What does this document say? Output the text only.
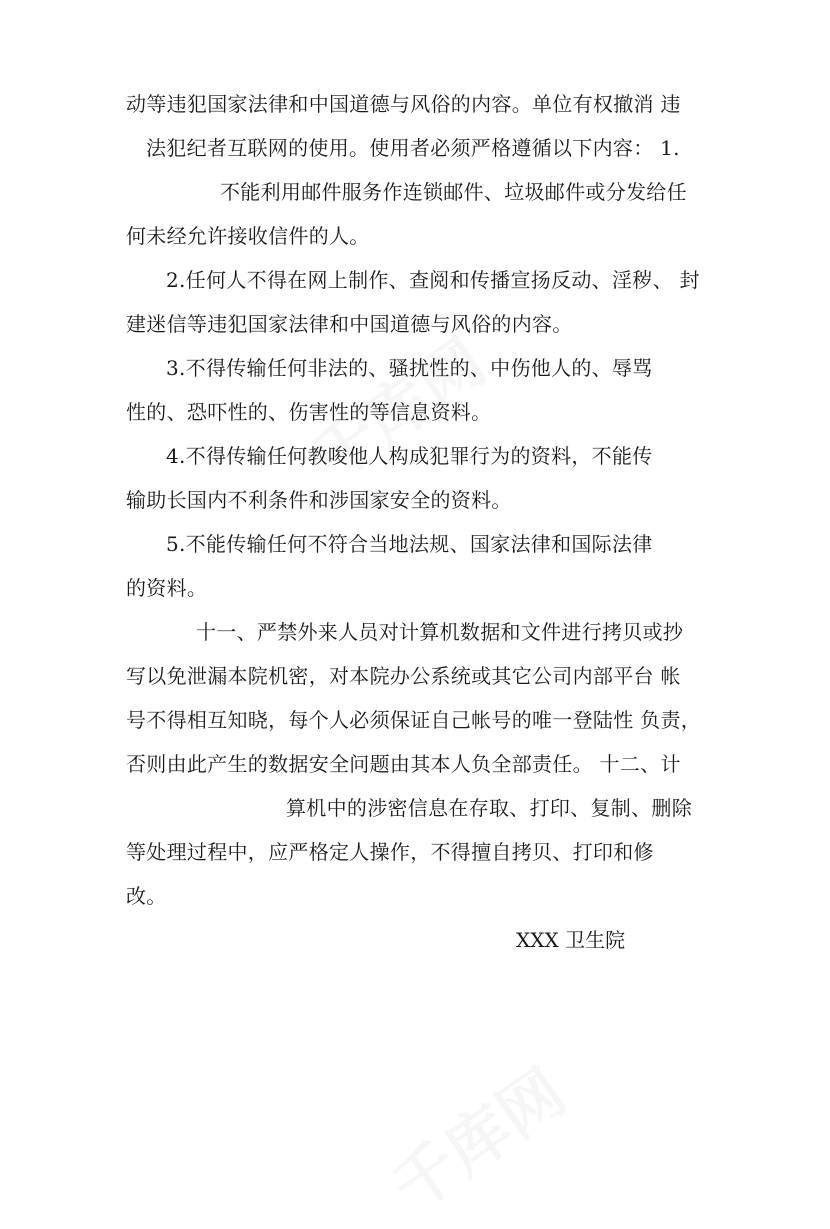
动等违犯国家法律和中国道德与风俗的内容。单位有权撤消 违
法犯纪者互联网的使用。使用者必须严格遵循以下内容： 1.
不能利用邮件服务作连锁邮件、垃圾邮件或分发给任
何未经允许接收信件的人。
2.任何人不得在网上制作、查阅和传播宣扬反动、淫秽、 封
建迷信等违犯国家法律和中国道德与风俗的内容。
3.不得传输任何非法的、骚扰性的、中伤他人的、辱骂
性的、恐吓性的、伤害性的等信息资料。
4.不得传输任何教唆他人构成犯罪行为的资料，不能传
输助长国内不利条件和涉国家安全的资料。
5.不能传输任何不符合当地法规、国家法律和国际法律
的资料。
十一、严禁外来人员对计算机数据和文件进行拷贝或抄
写以免泄漏本院机密，对本院办公系统或其它公司内部平台 帐
号不得相互知晓，每个人必须保证自己帐号的唯一登陆性 负责，
否则由此产生的数据安全问题由其本人负全部责任。 十二、计
算机中的涉密信息在存取、打印、复制、删除
等处理过程中，应严格定人操作，不得擅自拷贝、打印和修
改。
XXX 卫生院
